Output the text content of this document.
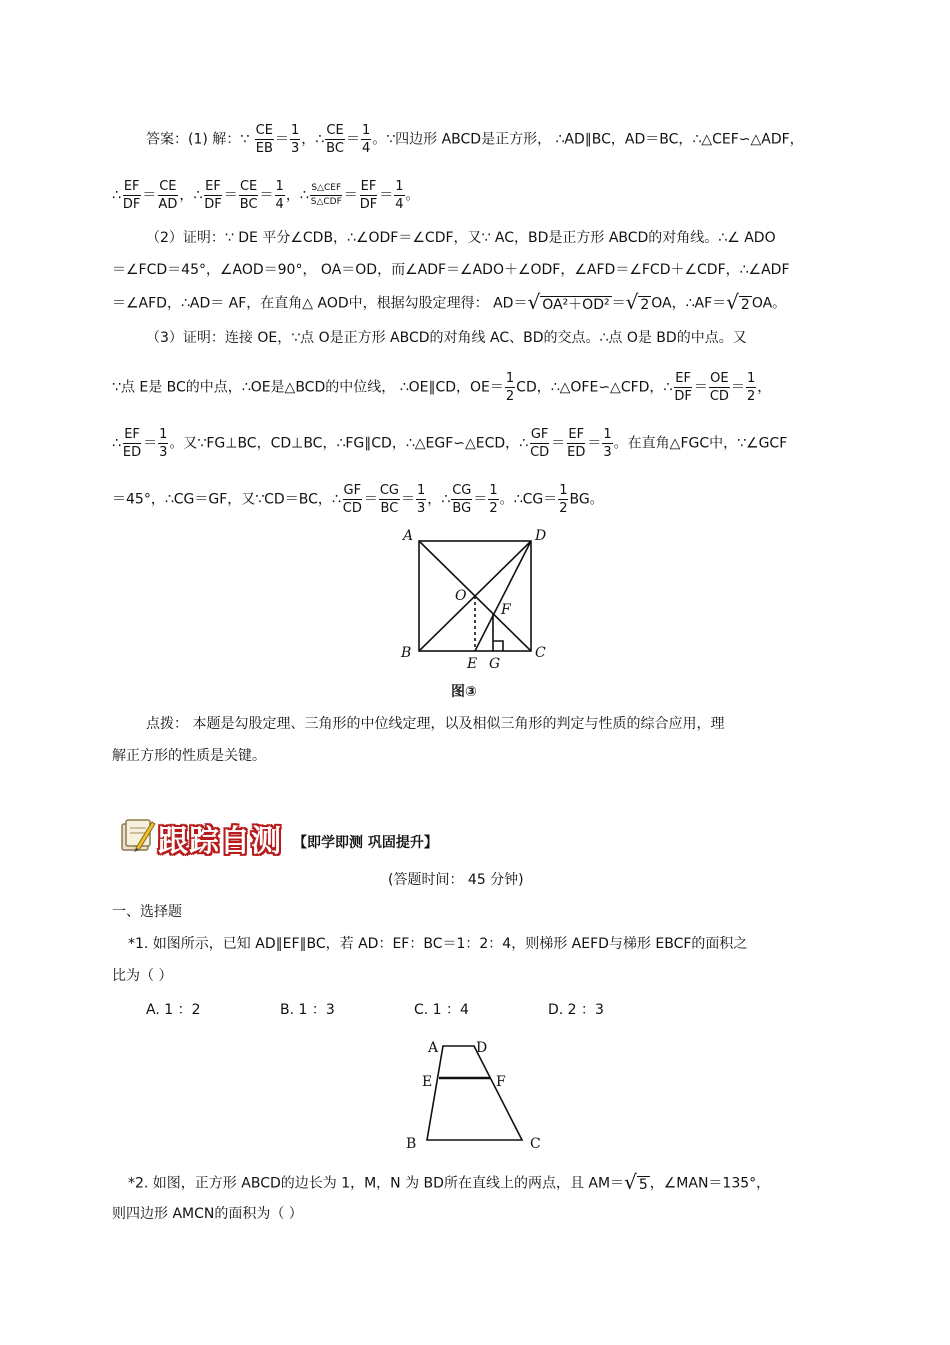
答案：(1) 解：∵ $\frac{CE}{EB} = \frac{1}{3}$ ，∴ $\frac{CE}{BC} = \frac{1}{4}$ 。∵四边形 ABCD是正方形， ∴AD∥BC，AD＝BC，∴△CEF∽△ADF，
∴ $\frac{EF}{DF} = \frac{CE}{AD}$ ，∴ $\frac{EF}{DF} = \frac{CE}{BC} = \frac{1}{4}$ ，∴ $\frac{\text{S△CEF}}{\text{S△CDF}} = \frac{EF}{DF} = \frac{1}{4}$ 。
（2）证明：∵ DE 平分∠CDB，∴∠ODF＝∠CDF，又∵ AC，BD是正方形 ABCD的对角线。∴∠ ADO
＝∠FCD＝45°，∠AOD＝90°， OA＝OD，而∠ADF＝∠ADO＋∠ODF，∠AFD＝∠FCD＋∠CDF，∴∠ADF
＝∠AFD，∴AD＝ AF，在直角△ AOD中，根据勾股定理得： AD＝√ OA²＋OD² ＝√ 2 OA，∴AF＝√ 2 OA。
（3）证明：连接 OE，∵点 O是正方形 ABCD的对角线 AC、BD的交点。∴点 O是 BD的中点。又
∵点 E是 BC的中点，∴OE是△BCD的中位线， ∴OE∥CD，$OE= \frac{1}{2}$ CD，∴△OFE∽△CFD，∴ $\frac{EF}{DF} = \frac{OE}{CD} = \frac{1}{2}$ ，
∴ $\frac{EF}{ED} = \frac{1}{3}$ 。又∵FG⊥BC，CD⊥BC，∴FG∥CD，∴△EGF∽△ECD，∴ $\frac{GF}{CD} = \frac{EF}{ED} = \frac{1}{3}$ 。在直角△FGC中，∵∠GCF
＝45°，∴CG＝GF，又∵CD＝BC，∴ $\frac{GF}{CD} = \frac{CG}{BC} = \frac{1}{3}$ ，∴ $\frac{CG}{BG} = \frac{1}{2}$ 。∴CG＝ $\frac{1}{2}$ BG。
A	D
O
F
B
E G
C
图③
点拨： 本题是勾股定理、三角形的中位线定理，以及相似三角形的判定与性质的综合应用，理
解正方形的性质是关键。
跟踪自测 【即学即测 巩固提升】
(答题时间： 45 分钟)
一、选择题
*1. 如图所示，已知 AD∥EF∥BC，若 AD：EF：BC＝1：2：4，则梯形 AEFD与梯形 EBCF的面积之
比为（ ）
A. 1 ：2	B. 1 ：3	C. 1 ：4	D. 2 ：3
A	D
E	F
B	C
*2. 如图，正方形 ABCD的边长为 1，M，N 为 BD所在直线上的两点，且 AM＝√ 5 ，∠MAN＝135°，
则四边形 AMCN的面积为（ ）
